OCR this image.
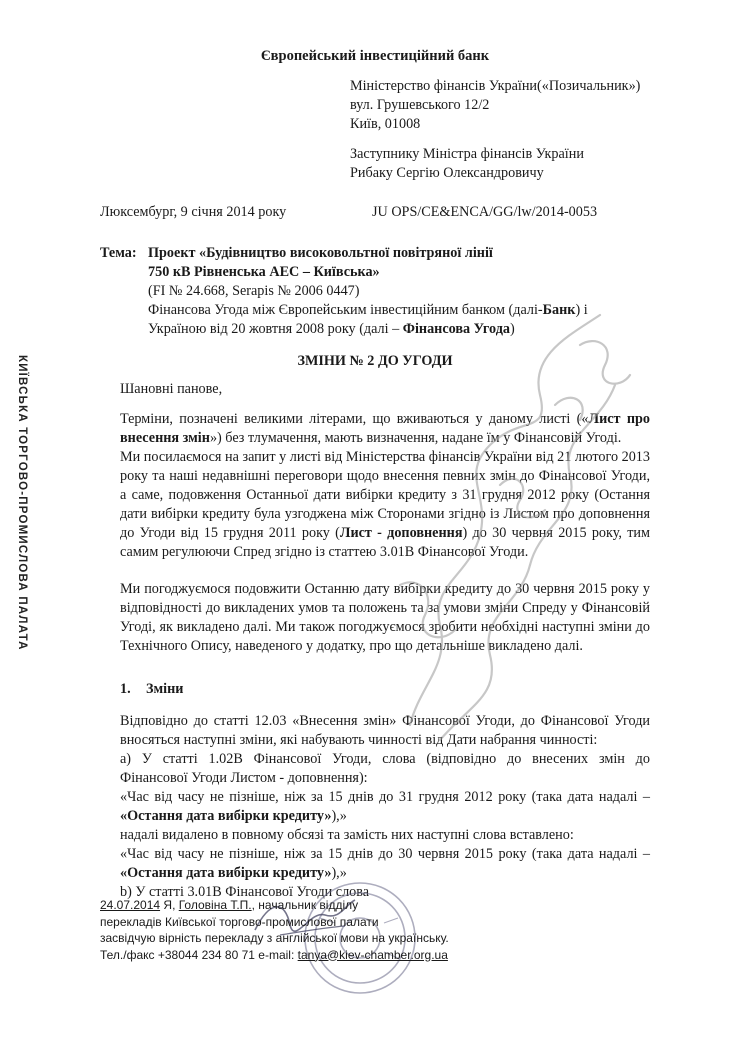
Європейський інвестиційний банк
Міністерство фінансів України(«Позичальник»)
вул. Грушевського 12/2
Київ, 01008
Заступнику Міністра фінансів України
Рибаку Сергію Олександровичу
Люксембург, 9 січня 2014 року	JU OPS/CE&ENCA/GG/lw/2014-0053
Тема: Проект «Будівництво високовольтної повітряної лінії
750 кВ Рівненська АЕС – Київська»
(FI № 24.668, Serapis № 2006 0447)
Фінансова Угода між Європейським інвестиційним банком (далі-Банк) і
Україною від 20 жовтня 2008 року (далі – Фінансова Угода)
ЗМІНИ № 2 ДО УГОДИ
Шановні панове,
Терміни, позначені великими літерами, що вживаються у даному листі («Лист про внесення змін») без тлумачення, мають визначення, надане їм у Фінансовій Угоді.
Ми посилаємося на запит у листі від Міністерства фінансів України від 21 лютого 2013 року та наші недавнішні переговори щодо внесення певних змін до Фінансової Угоди, а саме, подовження Останньої дати вибірки кредиту з 31 грудня 2012 року (Остання дати вибірки кредиту була узгоджена між Сторонами згідно із Листом про доповнення до Угоди від 15 грудня 2011 року (Лист - доповнення) до 30 червня 2015 року, тим самим регулюючи Спред згідно із статтею 3.01B Фінансової Угоди.
Ми погоджуємося подовжити Останню дату вибірки кредиту до 30 червня 2015 року у відповідності до викладених умов та положень та за умови зміни Спреду у Фінансовій Угоді, як викладено далі. Ми також погоджуємося зробити необхідні наступні зміни до Технічного Опису, наведеного у додатку, про що детальніше викладено далі.
1. Зміни
Відповідно до статті 12.03 «Внесення змін» Фінансової Угоди, до Фінансової Угоди
вносяться наступні зміни, які набувають чинності від Дати набрання чинності:
а) У статті 1.02B Фінансової Угоди, слова (відповідно до внесених змін до
Фінансової Угоди Листом - доповнення):
«Час від часу не пізніше, ніж за 15 днів до 31 грудня 2012 року (така дата надалі –
«Остання дата вибірки кредиту»),»
надалі видалено в повному обсязі та замість них наступні слова вставлено:
«Час від часу не пізніше, ніж за 15 днів до 30 червня 2015 року (така дата надалі –
«Остання дата вибірки кредиту»),»
b) У статті 3.01B Фінансової Угоди слова
КИЇВСЬКА ТОРГОВО-ПРОМИСЛОВА ПАЛАТА
24.07.2014 Я, Головіна Т.П., начальник відділу
перекладів Київської торгово-промислової палати
засвідчую вірність перекладу з англійської мови на українську.
Тел./факс +38044 234 80 71 e-mail: tanya@kiev-chamber.org.ua
